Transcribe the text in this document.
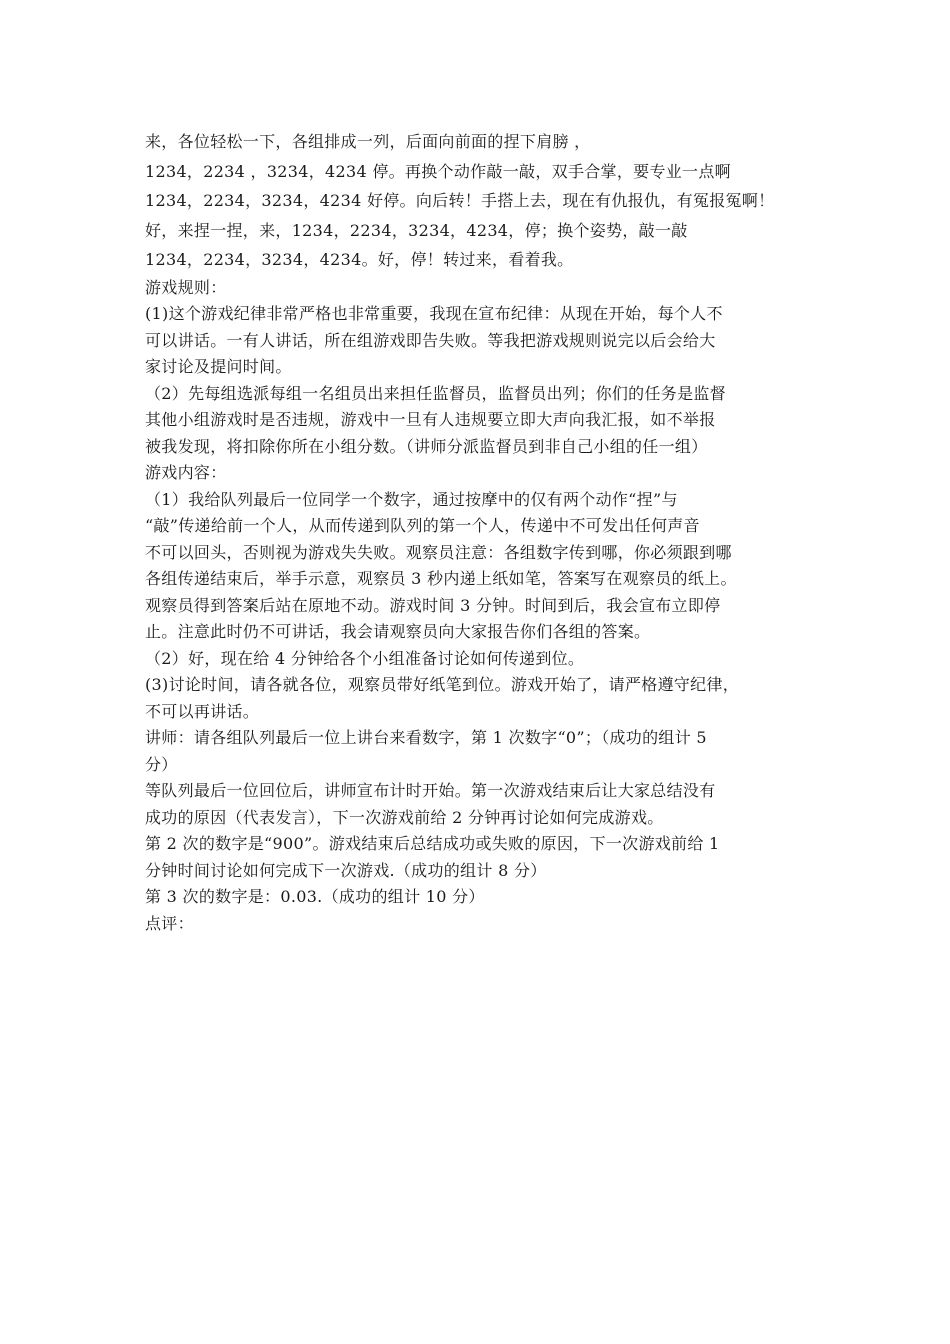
来，各位轻松一下，各组排成一列，后面向前面的捏下肩膀 ，
1234，2234 ，3234，4234 停。再换个动作敲一敲，双手合掌，要专业一点啊
1234，2234，3234，4234 好停。向后转！手搭上去，现在有仇报仇，有冤报冤啊！
好，来捏一捏，来，1234，2234，3234，4234，停；换个姿势，敲一敲
1234，2234，3234，4234。好，停！转过来，看着我。
游戏规则：
(1)这个游戏纪律非常严格也非常重要，我现在宣布纪律：从现在开始，每个人不
可以讲话。一有人讲话，所在组游戏即告失败。等我把游戏规则说完以后会给大
家讨论及提问时间。
（2）先每组选派每组一名组员出来担任监督员，监督员出列；你们的任务是监督
其他小组游戏时是否违规，游戏中一旦有人违规要立即大声向我汇报，如不举报
被我发现，将扣除你所在小组分数。（讲师分派监督员到非自己小组的任一组）
游戏内容：
（1）我给队列最后一位同学一个数字，通过按摩中的仅有两个动作“捏”与
“敲”传递给前一个人，从而传递到队列的第一个人，传递中不可发出任何声音
不可以回头，否则视为游戏失失败。观察员注意：各组数字传到哪，你必须跟到哪
各组传递结束后，举手示意，观察员 3 秒内递上纸如笔，答案写在观察员的纸上。
观察员得到答案后站在原地不动。游戏时间 3 分钟。时间到后，我会宣布立即停
止。注意此时仍不可讲话，我会请观察员向大家报告你们各组的答案。
（2）好，现在给 4 分钟给各个小组准备讨论如何传递到位。
(3)讨论时间，请各就各位，观察员带好纸笔到位。游戏开始了，请严格遵守纪律，
不可以再讲话。
讲师：请各组队列最后一位上讲台来看数字，第 1 次数字“0”；（成功的组计 5
分）
等队列最后一位回位后，讲师宣布计时开始。第一次游戏结束后让大家总结没有
成功的原因（代表发言），下一次游戏前给 2 分钟再讨论如何完成游戏。
第 2 次的数字是“900”。游戏结束后总结成功或失败的原因，下一次游戏前给 1
分钟时间讨论如何完成下一次游戏.（成功的组计 8 分）
第 3 次的数字是：0.03.（成功的组计 10 分）
点评：
